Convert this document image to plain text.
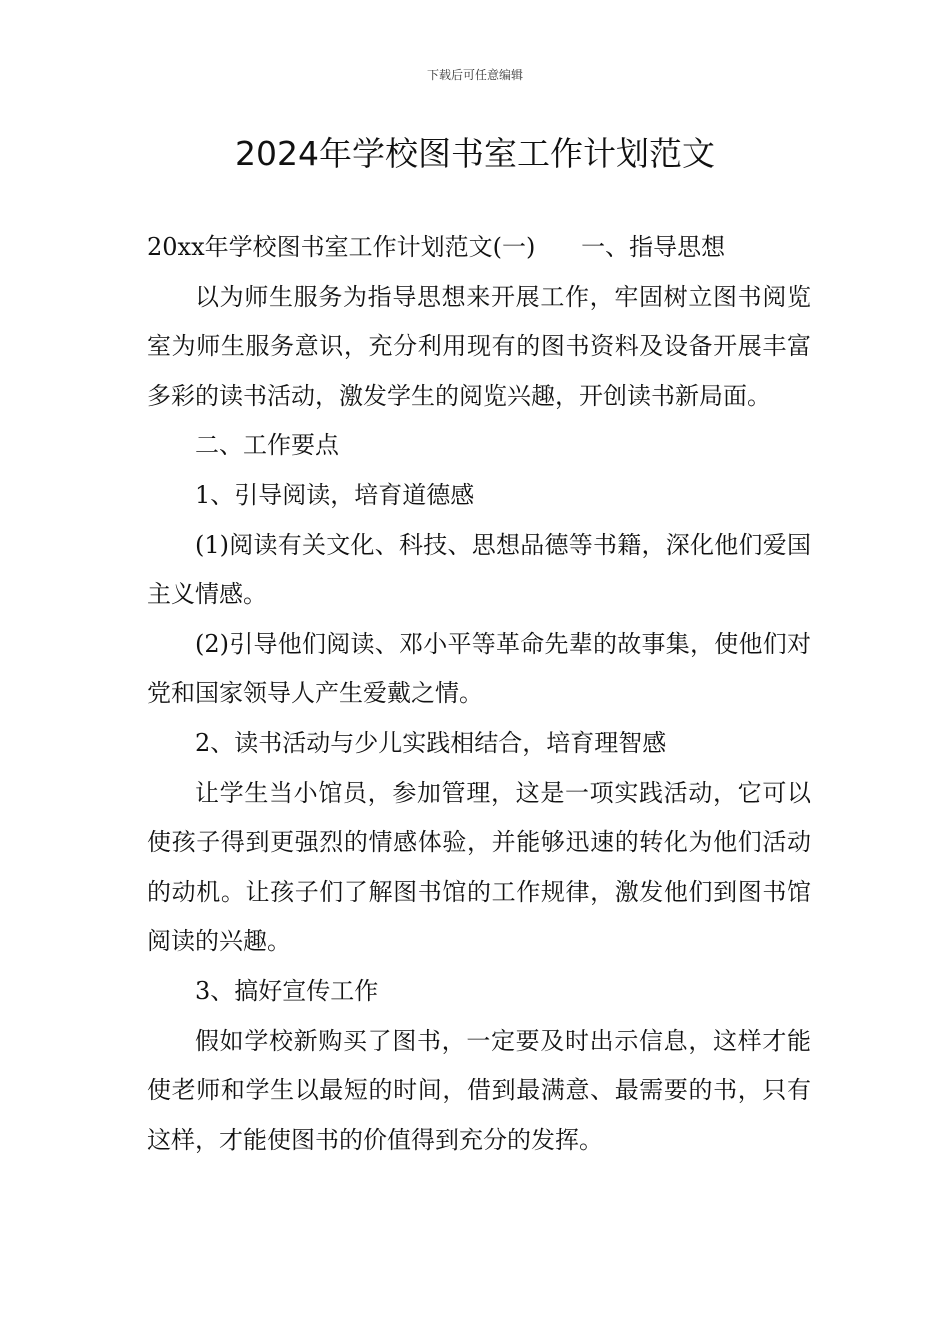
下载后可任意编辑
2024年学校图书室工作计划范文

20xx年学校图书室工作计划范文(一)      一、指导思想

以为师生服务为指导思想来开展工作，牢固树立图书阅览室为师生服务意识，充分利用现有的图书资料及设备开展丰富多彩的读书活动，激发学生的阅览兴趣，开创读书新局面。

二、工作要点

1、引导阅读，培育道德感

(1)阅读有关文化、科技、思想品德等书籍，深化他们爱国主义情感。

(2)引导他们阅读、邓小平等革命先辈的故事集，使他们对党和国家领导人产生爱戴之情。

2、读书活动与少儿实践相结合，培育理智感

让学生当小馆员，参加管理，这是一项实践活动，它可以使孩子得到更强烈的情感体验，并能够迅速的转化为他们活动的动机。让孩子们了解图书馆的工作规律，激发他们到图书馆阅读的兴趣。

3、搞好宣传工作

假如学校新购买了图书，一定要及时出示信息，这样才能使老师和学生以最短的时间，借到最满意、最需要的书，只有这样，才能使图书的价值得到充分的发挥。
